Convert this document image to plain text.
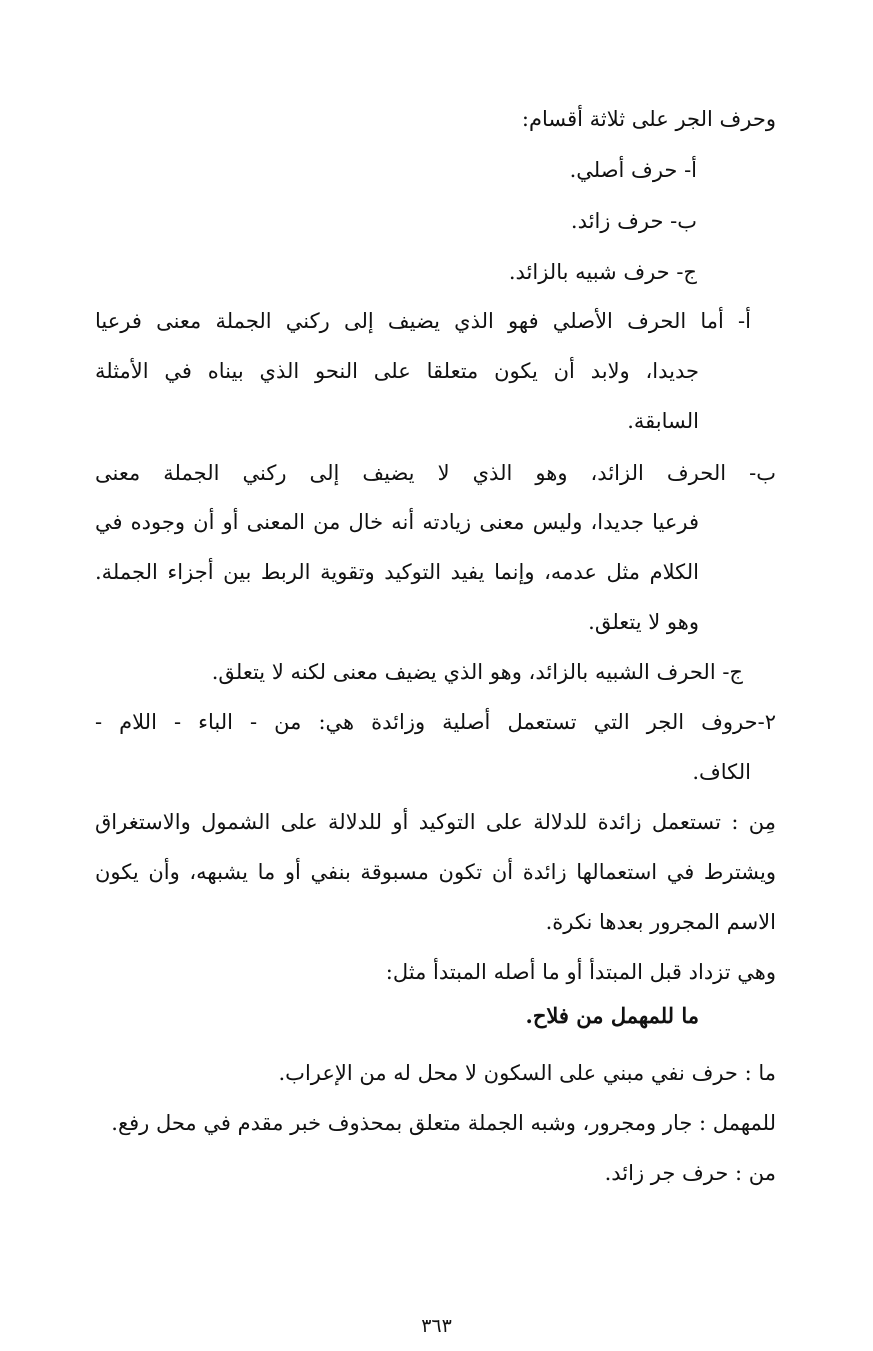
وحرف الجر على ثلاثة أقسام:
أ- حرف أصلي.
ب- حرف زائد.
ج- حرف شبيه بالزائد.
أ- أما الحرف الأصلي فهو الذي يضيف إلى ركني الجملة معنى فرعيا
جديدا، ولابد أن يكون متعلقا على النحو الذي بيناه في الأمثلة
السابقة.
ب- الحرف الزائد، وهو الذي لا يضيف إلى ركني الجملة معنى
فرعيا جديدا، وليس معنى زيادته أنه خال من المعنى أو أن وجوده في
الكلام مثل عدمه، وإنما يفيد التوكيد وتقوية الربط بين أجزاء الجملة.
وهو لا يتعلق.
ج- الحرف الشبيه بالزائد، وهو الذي يضيف معنى لكنه لا يتعلق.
٢-حروف الجر التي تستعمل أصلية وزائدة هي: من - الباء - اللام -
الكاف.
مِن : تستعمل زائدة للدلالة على التوكيد أو للدلالة على الشمول والاستغراق
ويشترط في استعمالها زائدة أن تكون مسبوقة بنفي أو ما يشبهه، وأن يكون
الاسم المجرور بعدها نكرة.
وهي تزداد قبل المبتدأ أو ما أصله المبتدأ مثل:
ما للمهمل من فلاح.
ما : حرف نفي مبني على السكون لا محل له من الإعراب.
للمهمل : جار ومجرور، وشبه الجملة متعلق بمحذوف خبر مقدم في محل رفع.
من : حرف جر زائد.
٣٦٣
